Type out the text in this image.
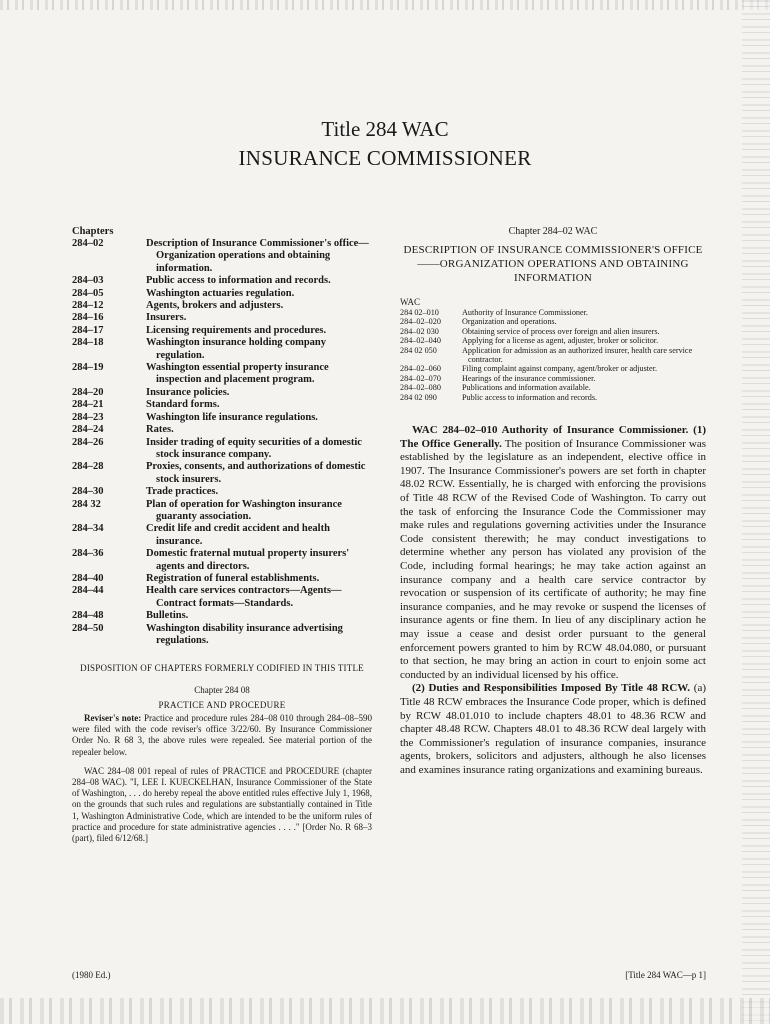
Title 284 WAC
INSURANCE COMMISSIONER
Chapters
284–02	Description of Insurance Commissioner's office—Organization operations and obtaining information.
284–03	Public access to information and records.
284–05	Washington actuaries regulation.
284–12	Agents, brokers and adjusters.
284–16	Insurers.
284–17	Licensing requirements and procedures.
284–18	Washington insurance holding company regulation.
284–19	Washington essential property insurance inspection and placement program.
284–20	Insurance policies.
284–21	Standard forms.
284–23	Washington life insurance regulations.
284–24	Rates.
284–26	Insider trading of equity securities of a domestic stock insurance company.
284–28	Proxies, consents, and authorizations of domestic stock insurers.
284–30	Trade practices.
284 32	Plan of operation for Washington insurance guaranty association.
284–34	Credit life and credit accident and health insurance.
284–36	Domestic fraternal mutual property insurers' agents and directors.
284–40	Registration of funeral establishments.
284–44	Health care services contractors—Agents—Contract formats—Standards.
284–48	Bulletins.
284–50	Washington disability insurance advertising regulations.
DISPOSITION OF CHAPTERS FORMERLY CODIFIED IN THIS TITLE
Chapter 284 08
PRACTICE AND PROCEDURE

Reviser's note: Practice and procedure rules 284–08 010 through 284–08–590 were filed with the code reviser's office 3/22/60. By Insurance Commissioner Order No. R 68 3, the above rules were repealed. See material portion of the repealer below.

WAC 284–08 001 repeal of rules of PRACTICE and PROCEDURE (chapter 284–08 WAC). "I, LEE I. KUECKELHAN, Insurance Commissioner of the State of Washington, . . . do hereby repeal the above entitled rules effective July 1, 1968, on the grounds that such rules and regulations are substantially contained in Title 1, Washington Administrative Code, which are intended to be the uniform rules of practice and procedure for state administrative agencies . . . ." [Order No. R 68–3 (part), filed 6/12/68.]

(1980 Ed.)
Chapter 284–02 WAC
DESCRIPTION OF INSURANCE COMMISSIONER'S OFFICE——ORGANIZATION OPERATIONS AND OBTAINING INFORMATION
WAC
284 02–010	Authority of Insurance Commissioner.
284–02–020	Organization and operations.
284–02 030	Obtaining service of process over foreign and alien insurers.
284–02–040	Applying for a license as agent, adjuster, broker or solicitor.
284 02 050	Application for admission as an authorized insurer, health care service contractor.
284–02–060	Filing complaint against company, agent/broker or adjuster.
284–02–070	Hearings of the insurance commissioner.
284–02–080	Publications and information available.
284 02 090	Public access to information and records.

WAC 284–02–010 Authority of Insurance Commissioner. (1) The Office Generally. The position of Insurance Commissioner was established by the legislature as an independent, elective office in 1907. The Insurance Commissioner's powers are set forth in chapter 48.02 RCW. Essentially, he is charged with enforcing the provisions of Title 48 RCW of the Revised Code of Washington. To carry out the task of enforcing the Insurance Code the Commissioner may make rules and regulations governing activities under the Insurance Code consistent therewith; he may conduct investigations to determine whether any person has violated any provision of the Code, including formal hearings; he may take action against an insurance company and a health care service contractor by revocation or suspension of its certificate of authority; he may fine insurance companies, and he may revoke or suspend the licenses of insurance agents or fine them. In lieu of any disciplinary action he may issue a cease and desist order pursuant to the general enforcement powers granted to him by RCW 48.04.080, or pursuant to that section, he may bring an action in court to enjoin some act conducted by an individual licensed by his office.

(2) Duties and Responsibilities Imposed By Title 48 RCW. (a) Title 48 RCW embraces the Insurance Code proper, which is defined by RCW 48.01.010 to include chapters 48.01 to 48.36 RCW and chapter 48.48 RCW. Chapters 48.01 to 48.36 RCW deal largely with the Commissioner's regulation of insurance companies, insurance agents, brokers, solicitors and adjusters, although he also licenses and examines insurance rating organizations and examining bureaus.

[Title 284 WAC—p 1]
